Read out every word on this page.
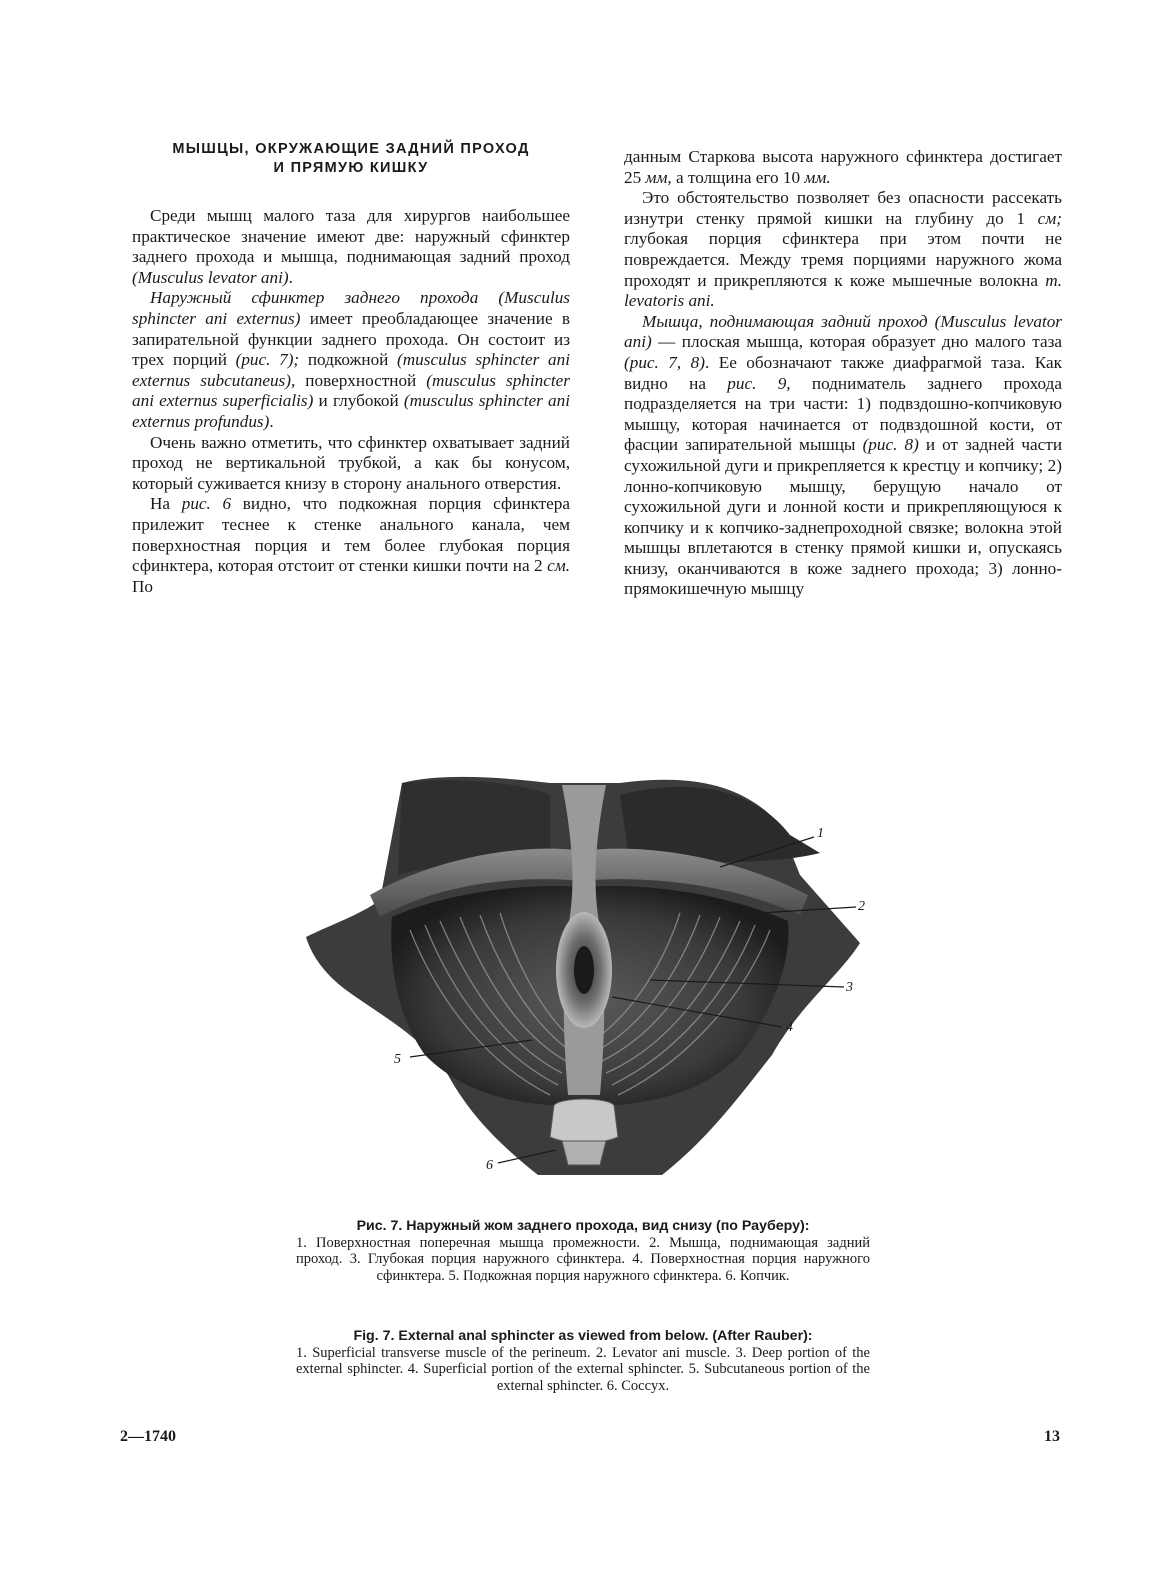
МЫШЦЫ, ОКРУЖАЮЩИЕ ЗАДНИЙ ПРОХОД
И ПРЯМУЮ КИШКУ

Среди мышц малого таза для хирургов наибольшее практическое значение имеют две: наружный сфинктер заднего прохода и мышца, поднимающая задний проход (Musculus levator ani).

Наружный сфинктер заднего прохода (Musculus sphincter ani externus) имеет преобладающее значение в запирательной функции заднего прохода. Он состоит из трех порций (рис. 7); подкожной (musculus sphincter ani externus subcutaneus), поверхностной (musculus sphincter ani externus superficialis) и глубокой (musculus sphincter ani externus profundus).

Очень важно отметить, что сфинктер охватывает задний проход не вертикальной трубкой, а как бы конусом, который суживается книзу в сторону анального отверстия.

На рис. 6 видно, что подкожная порция сфинктера прилежит теснее к стенке анального канала, чем поверхностная порция и тем более глубокая порция сфинктера, которая отстоит от стенки кишки почти на 2 см. По

данным Старкова высота наружного сфинктера достигает 25 мм, а толщина его 10 мм.

Это обстоятельство позволяет без опасности рассекать изнутри стенку прямой кишки на глубину до 1 см; глубокая порция сфинктера при этом почти не повреждается. Между тремя порциями наружного жома проходят и прикрепляются к коже мышечные волокна m. levatoris ani.

Мышца, поднимающая задний проход (Musculus levator ani) — плоская мышца, которая образует дно малого таза (рис. 7, 8). Ее обозначают также диафрагмой таза. Как видно на рис. 9, подниматель заднего прохода подразделяется на три части: 1) подвздошно-копчиковую мышцу, которая начинается от подвздошной кости, от фасции запирательной мышцы (рис. 8) и от задней части сухожильной дуги и прикрепляется к крестцу и копчику; 2) лонно-копчиковую мышцу, берущую начало от сухожильной дуги и лонной кости и прикрепляющуюся к копчику и к копчико-заднепроходной связке; волокна этой мышцы вплетаются в стенку прямой кишки и, опускаясь книзу, оканчиваются в коже заднего прохода; 3) лонно-прямокишечную мышцу

1
2
3
4
5
6
Рис. 7. Наружный жом заднего прохода, вид снизу (по Рауберу):
1. Поверхностная поперечная мышца промежности. 2. Мышца, поднимающая задний проход. 3. Глубокая порция наружного сфинктера. 4. Поверхностная порция наружного сфинктера. 5. Подкожная порция наружного сфинктера. 6. Копчик.
Fig. 7. External anal sphincter as viewed from below. (After Rauber):
1. Superficial transverse muscle of the perineum. 2. Levator ani muscle. 3. Deep portion of the external sphincter. 4. Superficial portion of the external sphincter. 5. Subcutaneous portion of the external sphincter. 6. Coccyx.
2—1740	13
